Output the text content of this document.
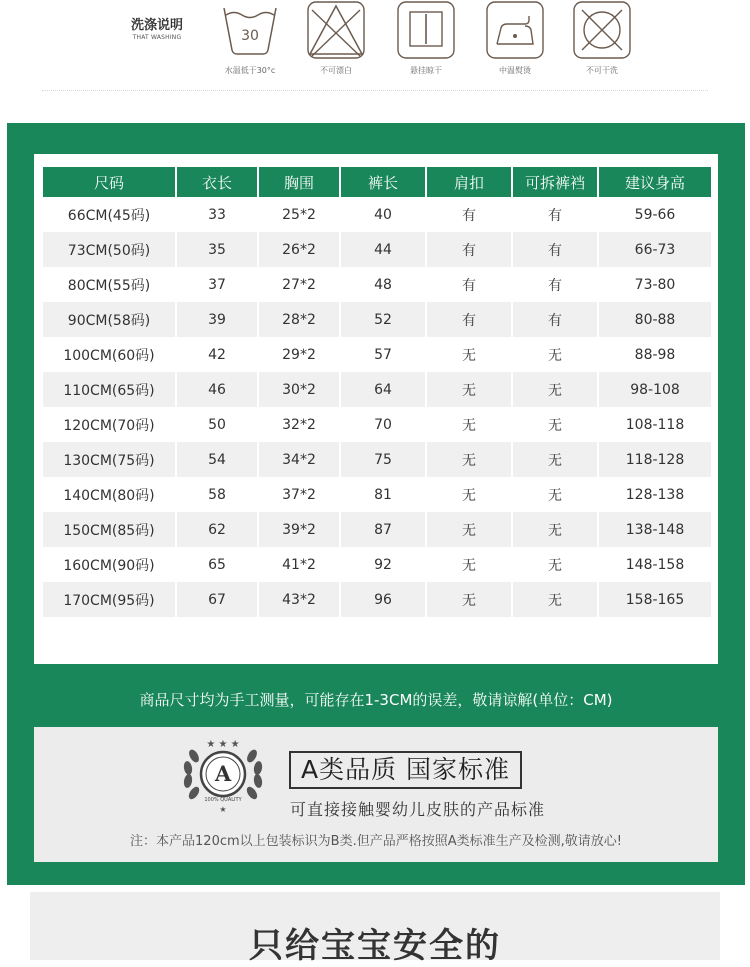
洗涤说明
THAT WASHING	30
水温低于30°c	不可漂白	悬挂晾干	中温熨烫	不可干洗
尺码	衣长	胸围	裤长	肩扣	可拆裤裆	建议身高
66CM(45码)	33	25*2	40	有	有	59-66
73CM(50码)	35	26*2	44	有	有	66-73
80CM(55码)	37	27*2	48	有	有	73-80
90CM(58码)	39	28*2	52	有	有	80-88
100CM(60码)	42	29*2	57	无	无	88-98
110CM(65码)	46	30*2	64	无	无	98-108
120CM(70码)	50	32*2	70	无	无	108-118
130CM(75码)	54	34*2	75	无	无	118-128
140CM(80码)	58	37*2	81	无	无	128-138
150CM(85码)	62	39*2	87	无	无	138-148
160CM(90码)	65	41*2	92	无	无	148-158
170CM(95码)	67	43*2	96	无	无	158-165
商品尺寸均为手工测量，可能存在1-3CM的误差，敬请谅解(单位：CM)
★ ★ ★
A
100% QUALITY
★
A类品质 国家标准
可直接接触婴幼儿皮肤的产品标准
注：本产品120cm以上包装标识为B类.但产品严格按照A类标准生产及检测,敬请放心!
只给宝宝安全的
